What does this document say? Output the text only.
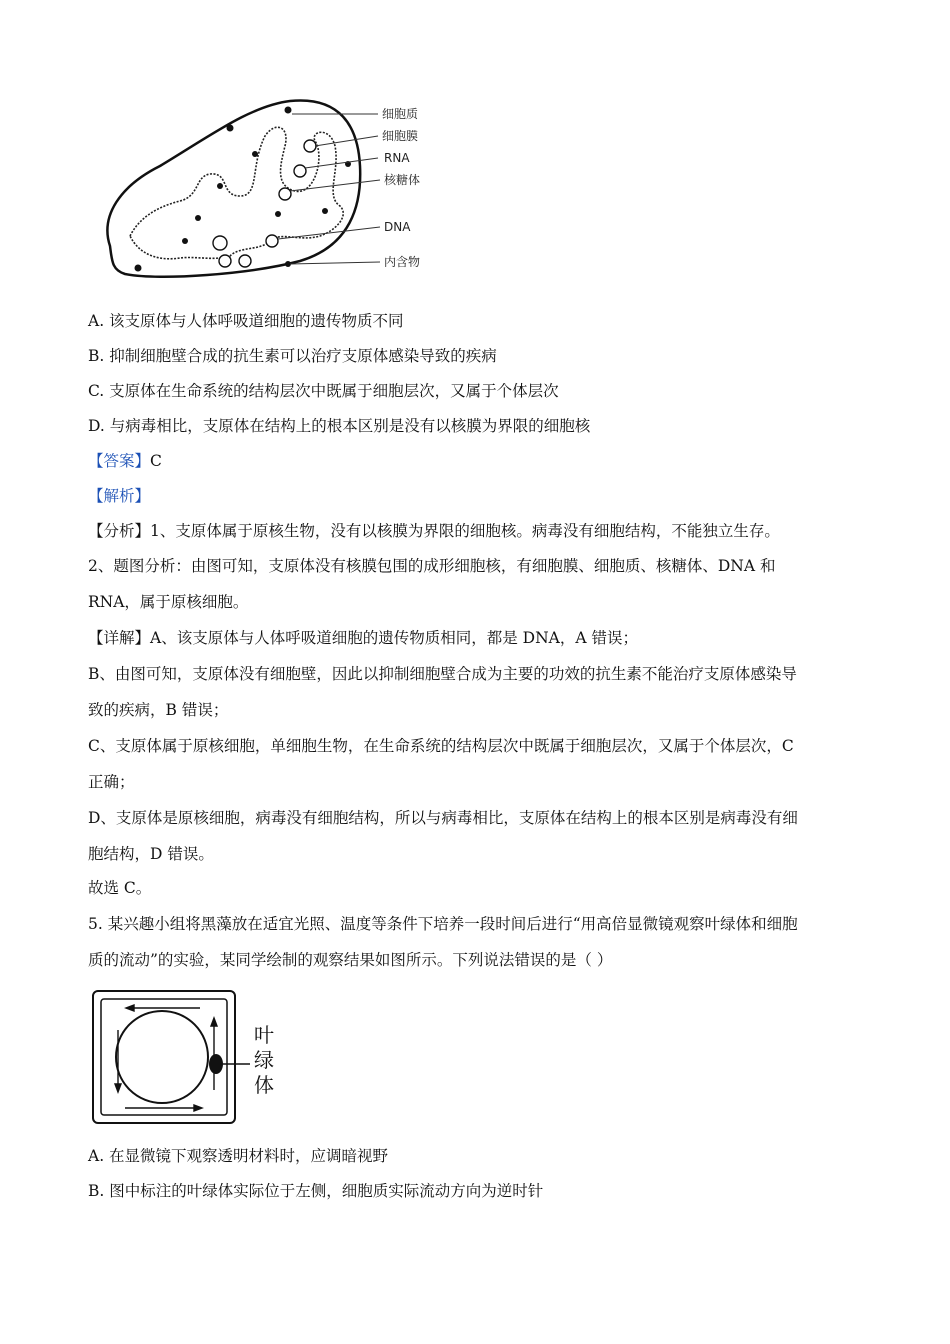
细胞质
细胞膜
RNA
核糖体
DNA
内含物
A. 该支原体与人体呼吸道细胞的遗传物质不同
B. 抑制细胞壁合成的抗生素可以治疗支原体感染导致的疾病
C. 支原体在生命系统的结构层次中既属于细胞层次，又属于个体层次
D. 与病毒相比，支原体在结构上的根本区别是没有以核膜为界限的细胞核
【答案】C
【解析】
【分析】1、支原体属于原核生物，没有以核膜为界限的细胞核。病毒没有细胞结构，不能独立生存。
2、题图分析：由图可知，支原体没有核膜包围的成形细胞核，有细胞膜、细胞质、核糖体、DNA 和
RNA，属于原核细胞。
【详解】A、该支原体与人体呼吸道细胞的遗传物质相同，都是 DNA，A 错误；
B、由图可知，支原体没有细胞壁，因此以抑制细胞壁合成为主要的功效的抗生素不能治疗支原体感染导
致的疾病，B 错误；
C、支原体属于原核细胞，单细胞生物，在生命系统的结构层次中既属于细胞层次，又属于个体层次，C
正确；
D、支原体是原核细胞，病毒没有细胞结构，所以与病毒相比，支原体在结构上的根本区别是病毒没有细
胞结构，D 错误。
故选 C。
5. 某兴趣小组将黑藻放在适宜光照、温度等条件下培养一段时间后进行“用高倍显微镜观察叶绿体和细胞
质的流动”的实验，某同学绘制的观察结果如图所示。下列说法错误的是（ ）
叶
绿
体
A. 在显微镜下观察透明材料时，应调暗视野
B. 图中标注的叶绿体实际位于左侧，细胞质实际流动方向为逆时针
